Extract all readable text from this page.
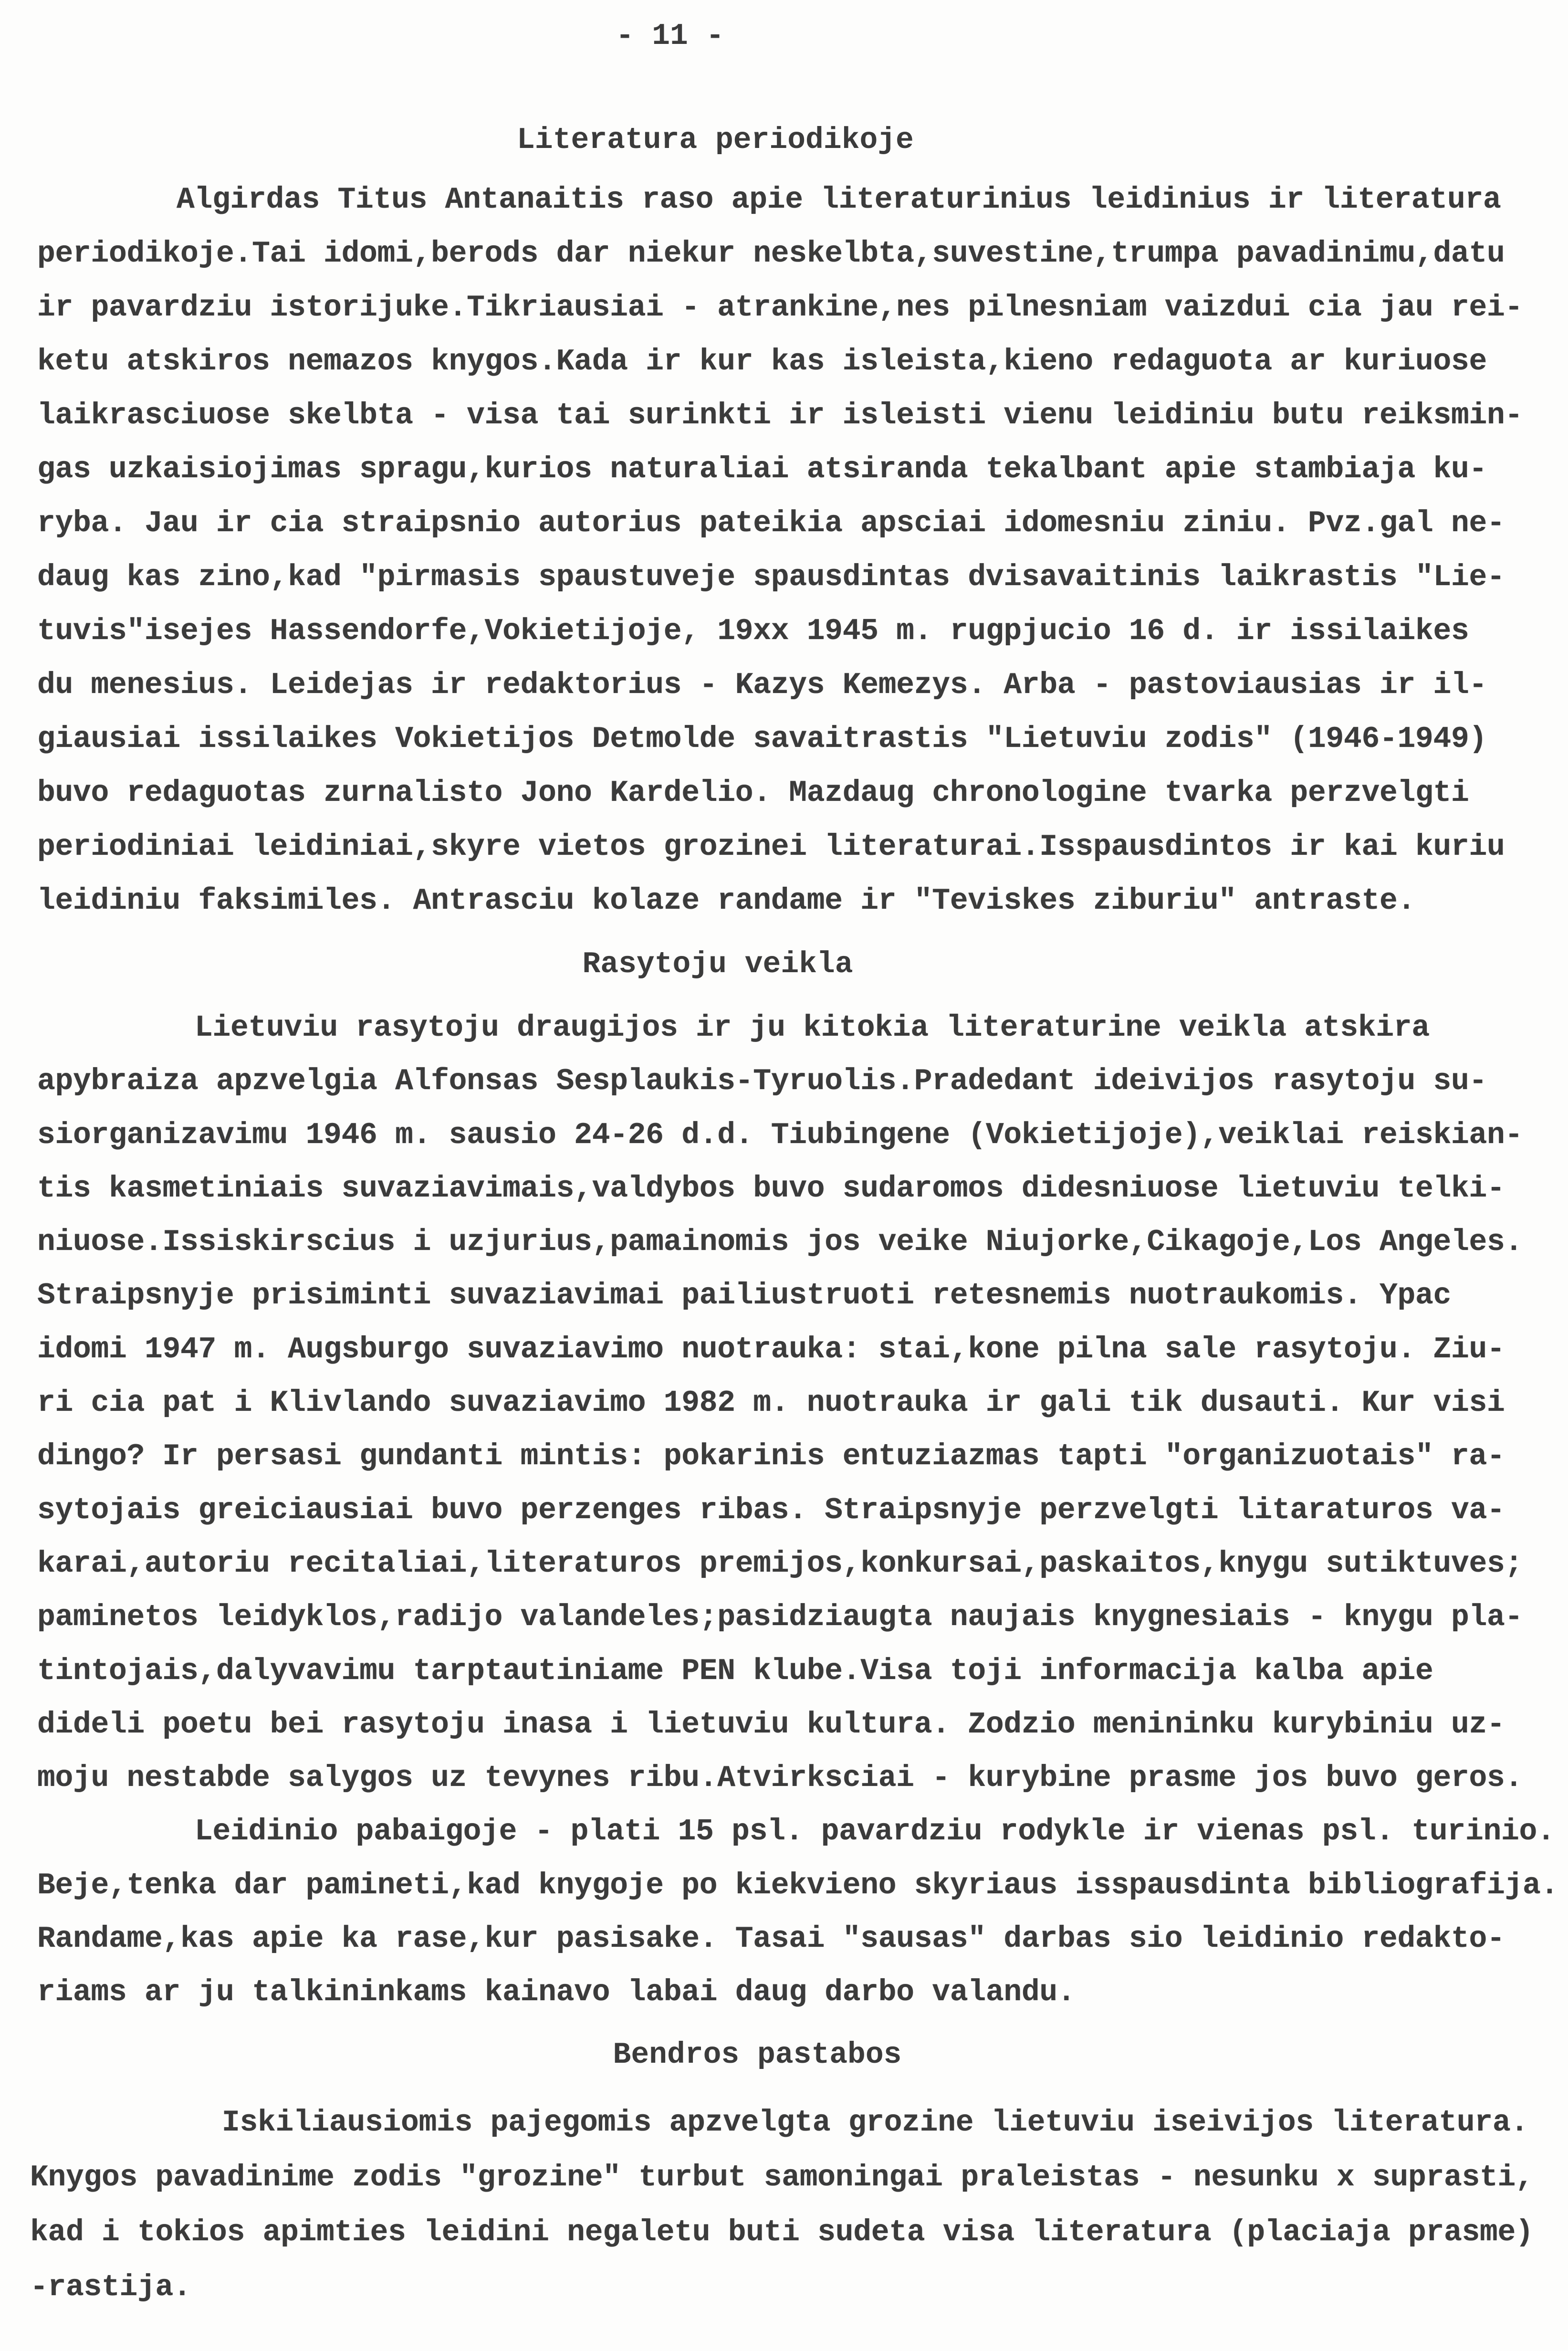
- 11 -
Literatura periodikoje
Algirdas Titus Antanaitis raso apie literaturinius leidinius ir literatura
periodikoje.Tai idomi,berods dar niekur neskelbta,suvestine,trumpa pavadinimu,datu
ir pavardziu istorijuke.Tikriausiai - atrankine,nes pilnesniam vaizdui cia jau rei-
ketu atskiros nemazos knygos.Kada ir kur kas isleista,kieno redaguota ar kuriuose
laikrasciuose skelbta - visa tai surinkti ir isleisti vienu leidiniu butu reiksmin-
gas uzkaisiojimas spragu,kurios naturaliai atsiranda tekalbant apie stambiaja ku-
ryba. Jau ir cia straipsnio autorius pateikia apsciai idomesniu ziniu. Pvz.gal ne-
daug kas zino,kad "pirmasis spaustuveje spausdintas dvisavaitinis laikrastis "Lie-
tuvis"isejes Hassendorfe,Vokietijoje, 19xx 1945 m. rugpjucio 16 d. ir issilaikes
du menesius. Leidejas ir redaktorius - Kazys Kemezys. Arba - pastoviausias ir il-
giausiai issilaikes Vokietijos Detmolde savaitrastis "Lietuviu zodis" (1946-1949)
buvo redaguotas zurnalisto Jono Kardelio. Mazdaug chronologine tvarka perzvelgti
periodiniai leidiniai,skyre vietos grozinei literaturai.Isspausdintos ir kai kuriu
leidiniu faksimiles. Antrasciu kolaze randame ir "Teviskes ziburiu" antraste.
Rasytoju veikla
Lietuviu rasytoju draugijos ir ju kitokia literaturine veikla atskira
apybraiza apzvelgia Alfonsas Sesplaukis-Tyruolis.Pradedant ideivijos rasytoju su-
siorganizavimu 1946 m. sausio 24-26 d.d. Tiubingene (Vokietijoje),veiklai reiskian-
tis kasmetiniais suvaziavimais,valdybos buvo sudaromos didesniuose lietuviu telki-
niuose.Issiskirscius i uzjurius,pamainomis jos veike Niujorke,Cikagoje,Los Angeles.
Straipsnyje prisiminti suvaziavimai pailiustruoti retesnemis nuotraukomis. Ypac
idomi 1947 m. Augsburgo suvaziavimo nuotrauka: stai,kone pilna sale rasytoju. Ziu-
ri cia pat i Klivlando suvaziavimo 1982 m. nuotrauka ir gali tik dusauti. Kur visi
dingo? Ir persasi gundanti mintis: pokarinis entuziazmas tapti "organizuotais" ra-
sytojais greiciausiai buvo perzenges ribas. Straipsnyje perzvelgti litaraturos va-
karai,autoriu recitaliai,literaturos premijos,konkursai,paskaitos,knygu sutiktuves;
paminetos leidyklos,radijo valandeles;pasidziaugta naujais knygnesiais - knygu pla-
tintojais,dalyvavimu tarptautiniame PEN klube.Visa toji informacija kalba apie
dideli poetu bei rasytoju inasa i lietuviu kultura. Zodzio menininku kurybiniu uz-
moju nestabde salygos uz tevynes ribu.Atvirksciai - kurybine prasme jos buvo geros.
Leidinio pabaigoje - plati 15 psl. pavardziu rodykle ir vienas psl. turinio.
Beje,tenka dar pamineti,kad knygoje po kiekvieno skyriaus isspausdinta bibliografija.
Randame,kas apie ka rase,kur pasisake. Tasai "sausas" darbas sio leidinio redakto-
riams ar ju talkininkams kainavo labai daug darbo valandu.
Bendros pastabos
Iskiliausiomis pajegomis apzvelgta grozine lietuviu iseivijos literatura.
Knygos pavadinime zodis "grozine" turbut samoningai praleistas - nesunku x suprasti,
kad i tokios apimties leidini negaletu buti sudeta visa literatura (placiaja prasme)
-rastija.
